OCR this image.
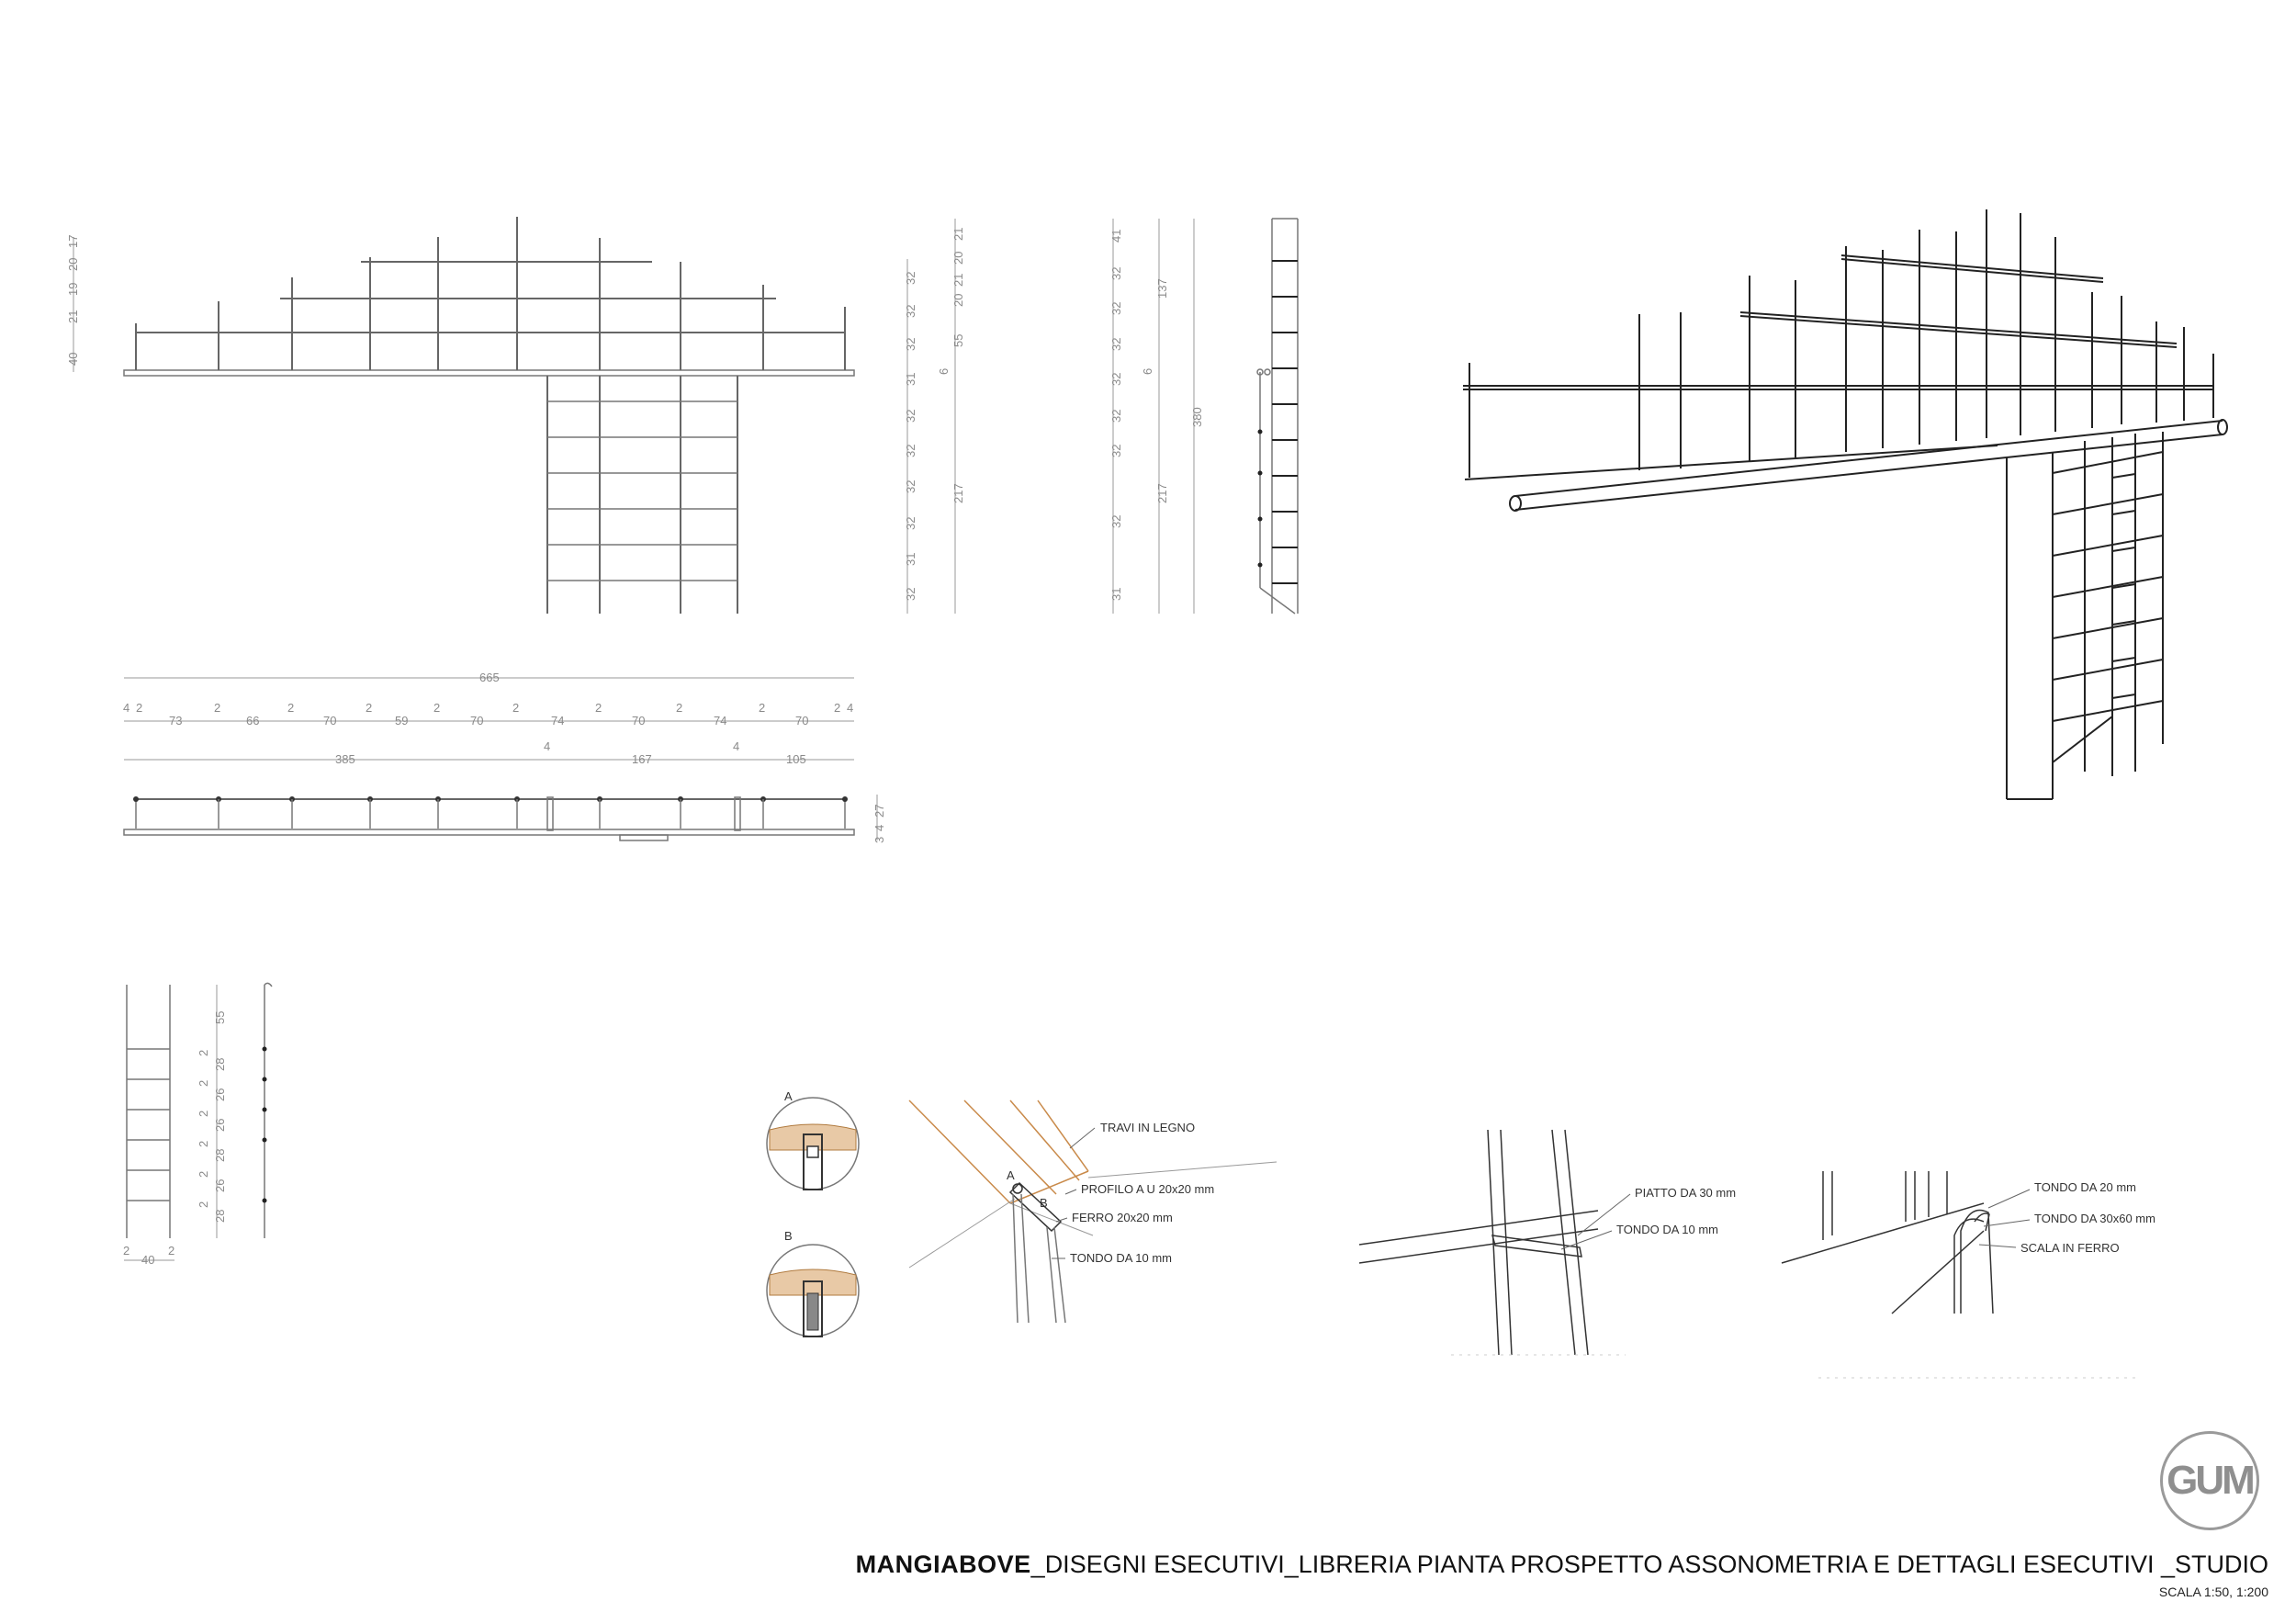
40
21
19
20
17
32
32
32
31
32
32
32
32
31
32
21
20
21
20
55
6
217
41
32
32
32
32
32
32
32
31
137
6
217
380
665
4 2
73
2
66
2
70
2
59
2
70
2
74
2
70
2
74
2
70
2 4
385
4
167
4
105
3
4
27
2
2
2
2
2
2
55
28
26
26
28
26
28
2
40
2
A
B
A
B
TRAVI IN LEGNO
PROFILO A U 20x20 mm
FERRO 20x20 mm
TONDO DA 10 mm
PIATTO DA 30 mm
TONDO DA 10 mm
TONDO DA 20 mm
TONDO DA 30x60 mm
SCALA IN FERRO
GUM
MANGIABOVE_DISEGNI ESECUTIVI_LIBRERIA PIANTA PROSPETTO ASSONOMETRIA E DETTAGLI ESECUTIVI _STUDIO
SCALA 1:50, 1:200
